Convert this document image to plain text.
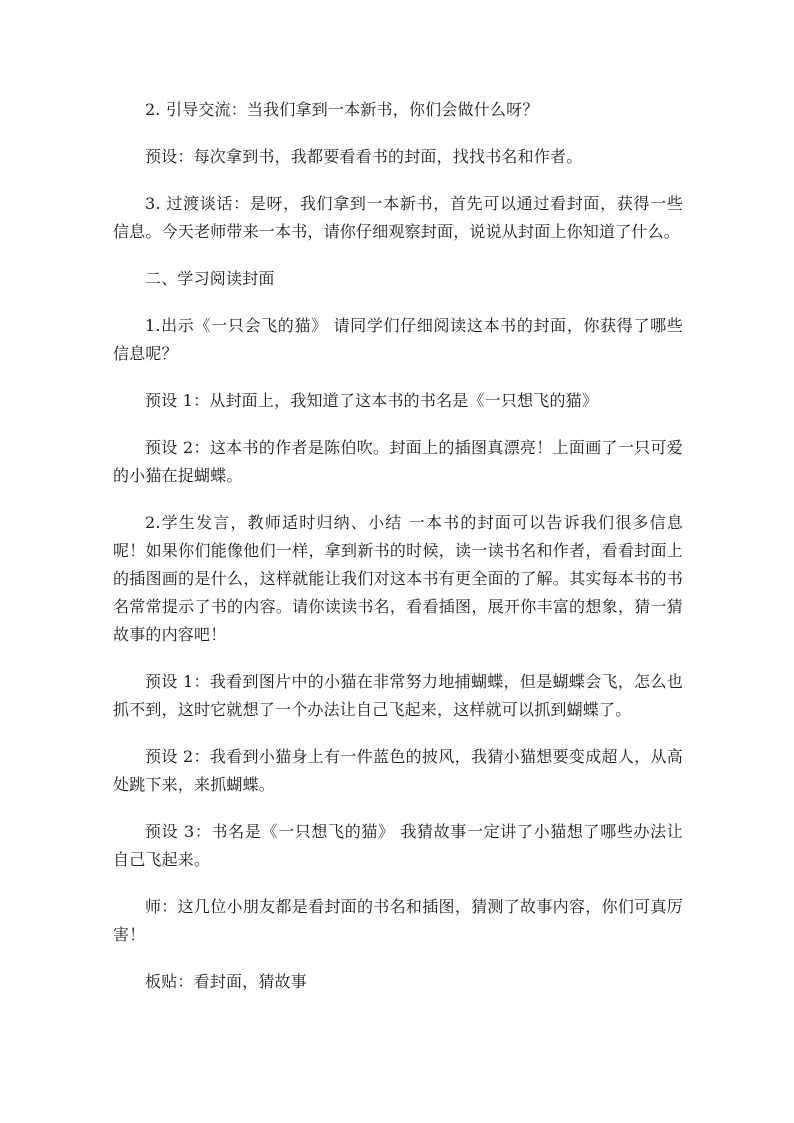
2. 引导交流：当我们拿到一本新书，你们会做什么呀？

预设：每次拿到书，我都要看看书的封面，找找书名和作者。

3. 过渡谈话：是呀，我们拿到一本新书，首先可以通过看封面，获得一些信息。今天老师带来一本书，请你仔细观察封面，说说从封面上你知道了什么。

二、学习阅读封面

1.出示《一只会飞的猫》 请同学们仔细阅读这本书的封面，你获得了哪些信息呢？

预设 1：从封面上，我知道了这本书的书名是《一只想飞的猫》

预设 2：这本书的作者是陈伯吹。封面上的插图真漂亮！上面画了一只可爱的小猫在捉蝴蝶。

2.学生发言，教师适时归纳、小结 一本书的封面可以告诉我们很多信息呢！如果你们能像他们一样，拿到新书的时候，读一读书名和作者，看看封面上的插图画的是什么，这样就能让我们对这本书有更全面的了解。其实每本书的书名常常提示了书的内容。请你读读书名，看看插图，展开你丰富的想象，猜一猜故事的内容吧！

预设 1：我看到图片中的小猫在非常努力地捕蝴蝶，但是蝴蝶会飞，怎么也抓不到，这时它就想了一个办法让自己飞起来，这样就可以抓到蝴蝶了。

预设 2：我看到小猫身上有一件蓝色的披风，我猜小猫想要变成超人，从高处跳下来，来抓蝴蝶。

预设 3：书名是《一只想飞的猫》 我猜故事一定讲了小猫想了哪些办法让自己飞起来。

师：这几位小朋友都是看封面的书名和插图，猜测了故事内容，你们可真厉害！

板贴：看封面，猜故事
